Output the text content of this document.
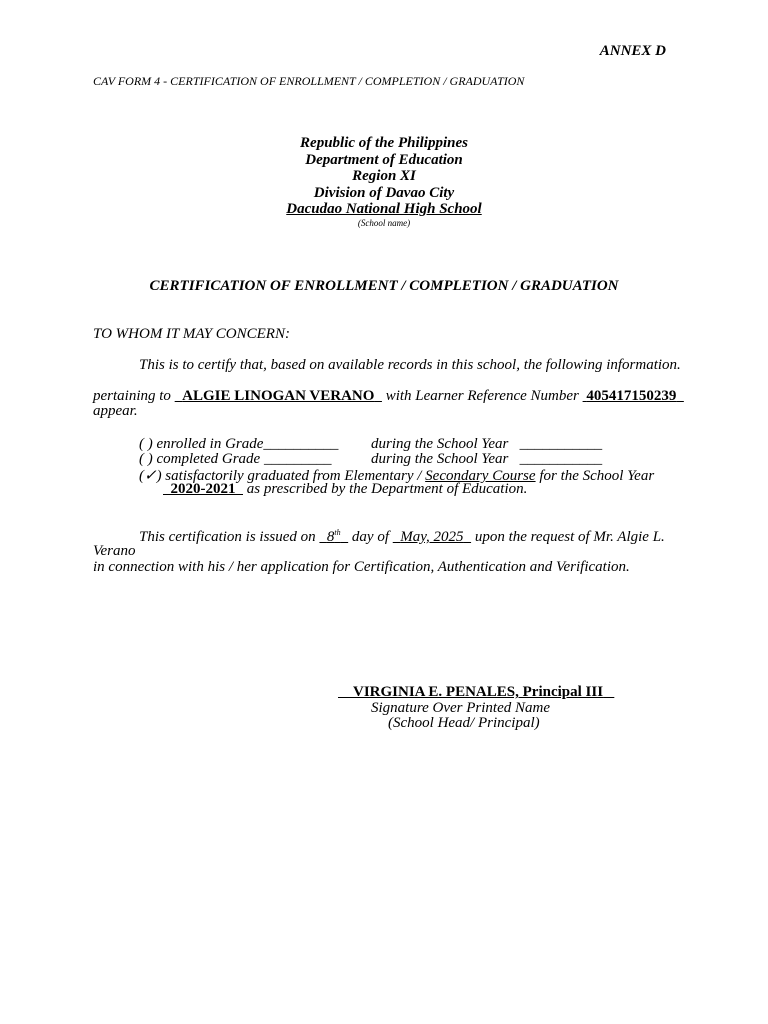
ANNEX D
CAV FORM 4 - CERTIFICATION OF ENROLLMENT / COMPLETION / GRADUATION
Republic of the Philippines
Department of Education
Region XI
Division of Davao City
Dacudao National High School
(School name)
CERTIFICATION OF ENROLLMENT / COMPLETION / GRADUATION
TO WHOM IT MAY CONCERN:
This is to certify that, based on available records in this school, the following information.
pertaining to ALGIE LINOGAN VERANO with Learner Reference Number 405417150239
appear.
( ) enrolled in Grade__________ during the School Year ___________
( ) completed Grade _________	during the School Year ___________
(✓) satisfactorily graduated from Elementary / Secondary Course for the School Year
2020-2021 as prescribed by the Department of Education.
This certification is issued on 8th day of May, 2025 upon the request of Mr. Algie L.
Verano
in connection with his / her application for Certification, Authentication and Verification.
VIRGINIA E. PENALES, Principal III
Signature Over Printed Name
(School Head/ Principal)
